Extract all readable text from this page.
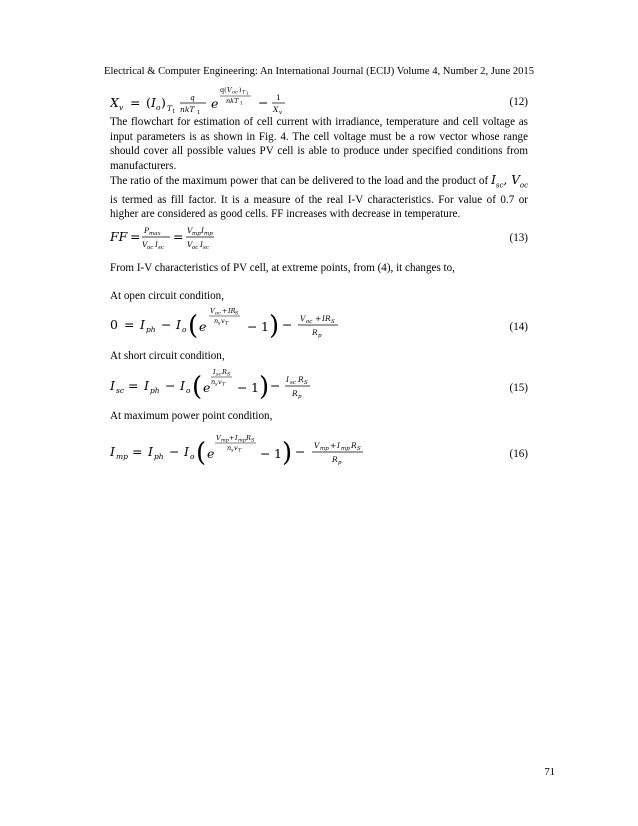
Electrical & Computer Engineering: An International Journal (ECIJ) Volume 4, Number 2, June 2015
X v = ( I o ) T 1
q
nkT 1
e
q( V oc ) T 1
nkT 1 − 1
X v
(12)

The flowchart for estimation of cell current with irradiance, temperature and cell voltage as input parameters is as shown in Fig. 4. The cell voltage must be a row vector whose range should cover all possible values PV cell is able to produce under specified conditions from manufacturers.

The ratio of the maximum power that can be delivered to the load and the product of $I_{sc}$, $V_{oc}$ is termed as fill factor. It is a measure of the real I-V characteristics. For value of 0.7 or higher are considered as good cells. FF increases with decrease in temperature.

FF = P max
V oc I sc
= V mp I mp
V oc I sc
(13)
From I-V characteristics of PV cell, at extreme points, from (4), it changes to,
At open circuit condition,
0 = I ph − I o ( e
V oc + IR S
n s v T − 1 ) − V oc + IR S
R p
(14)
At short circuit condition,
I sc = I ph − I o ( e
I sc R S
n s v T − 1 ) − I sc R S
R p
(15)
At maximum power point condition,
I mp = I ph − I o ( e
V mp + I mp R S
n s v T − 1 ) − V mp + I mp R S
R p
(16)
71
